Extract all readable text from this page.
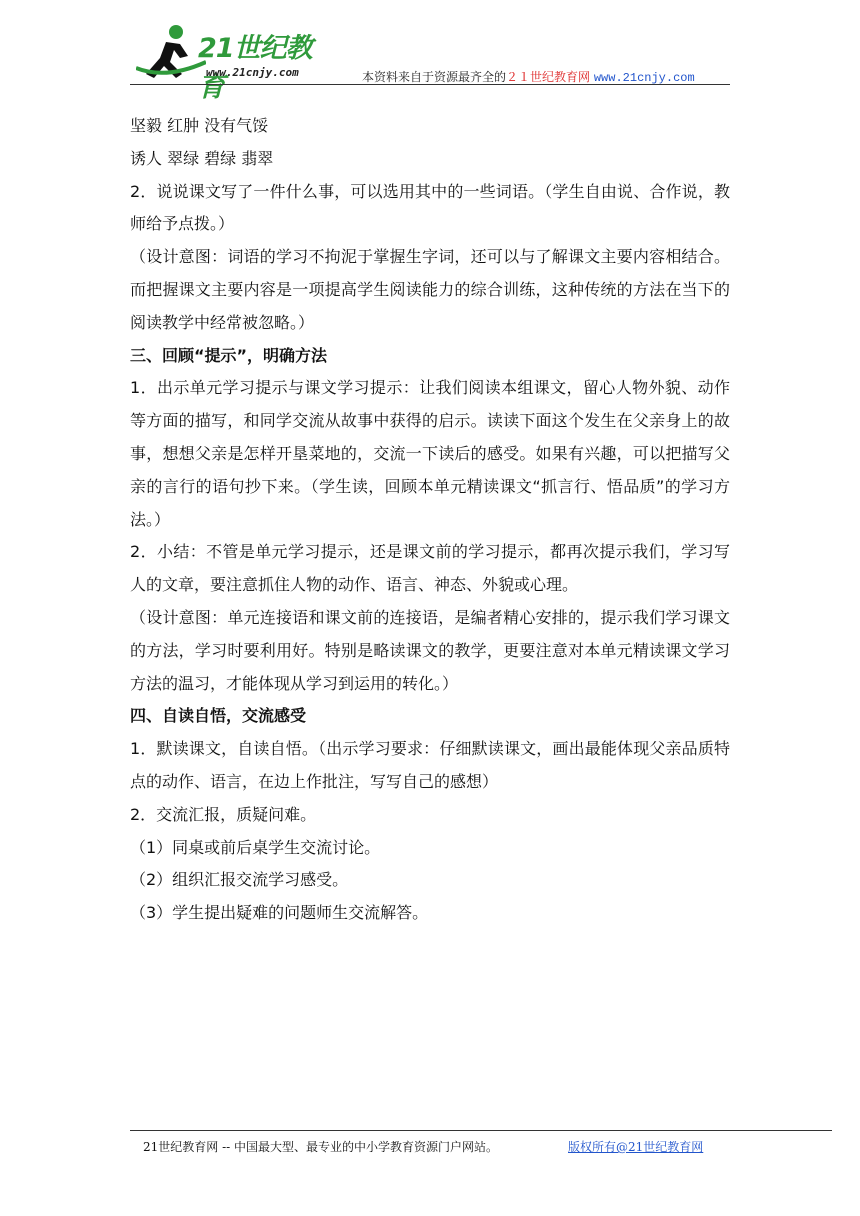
21世纪教育
www.21cnjy.com	本资料来自于资源最齐全的２１世纪教育网 www.21cnjy.com

坚毅 红肿 没有气馁

诱人 翠绿 碧绿 翡翠

2．说说课文写了一件什么事，可以选用其中的一些词语。（学生自由说、合作说，教师给予点拨。）

（设计意图：词语的学习不拘泥于掌握生字词，还可以与了解课文主要内容相结合。而把握课文主要内容是一项提高学生阅读能力的综合训练，这种传统的方法在当下的阅读教学中经常被忽略。）

三、回顾“提示”，明确方法

1．出示单元学习提示与课文学习提示：让我们阅读本组课文，留心人物外貌、动作等方面的描写，和同学交流从故事中获得的启示。读读下面这个发生在父亲身上的故事，想想父亲是怎样开垦菜地的，交流一下读后的感受。如果有兴趣，可以把描写父亲的言行的语句抄下来。（学生读，回顾本单元精读课文“抓言行、悟品质”的学习方法。）

2．小结：不管是单元学习提示，还是课文前的学习提示，都再次提示我们，学习写人的文章，要注意抓住人物的动作、语言、神态、外貌或心理。

（设计意图：单元连接语和课文前的连接语，是编者精心安排的，提示我们学习课文的方法，学习时要利用好。特别是略读课文的教学，更要注意对本单元精读课文学习方法的温习，才能体现从学习到运用的转化。）

四、自读自悟，交流感受

1．默读课文，自读自悟。（出示学习要求：仔细默读课文，画出最能体现父亲品质特点的动作、语言，在边上作批注，写写自己的感想）

2．交流汇报，质疑问难。

（1）同桌或前后桌学生交流讨论。

（2）组织汇报交流学习感受。

（3）学生提出疑难的问题师生交流解答。

21世纪教育网 -- 中国最大型、最专业的中小学教育资源门户网站。	版权所有@21世纪教育网
